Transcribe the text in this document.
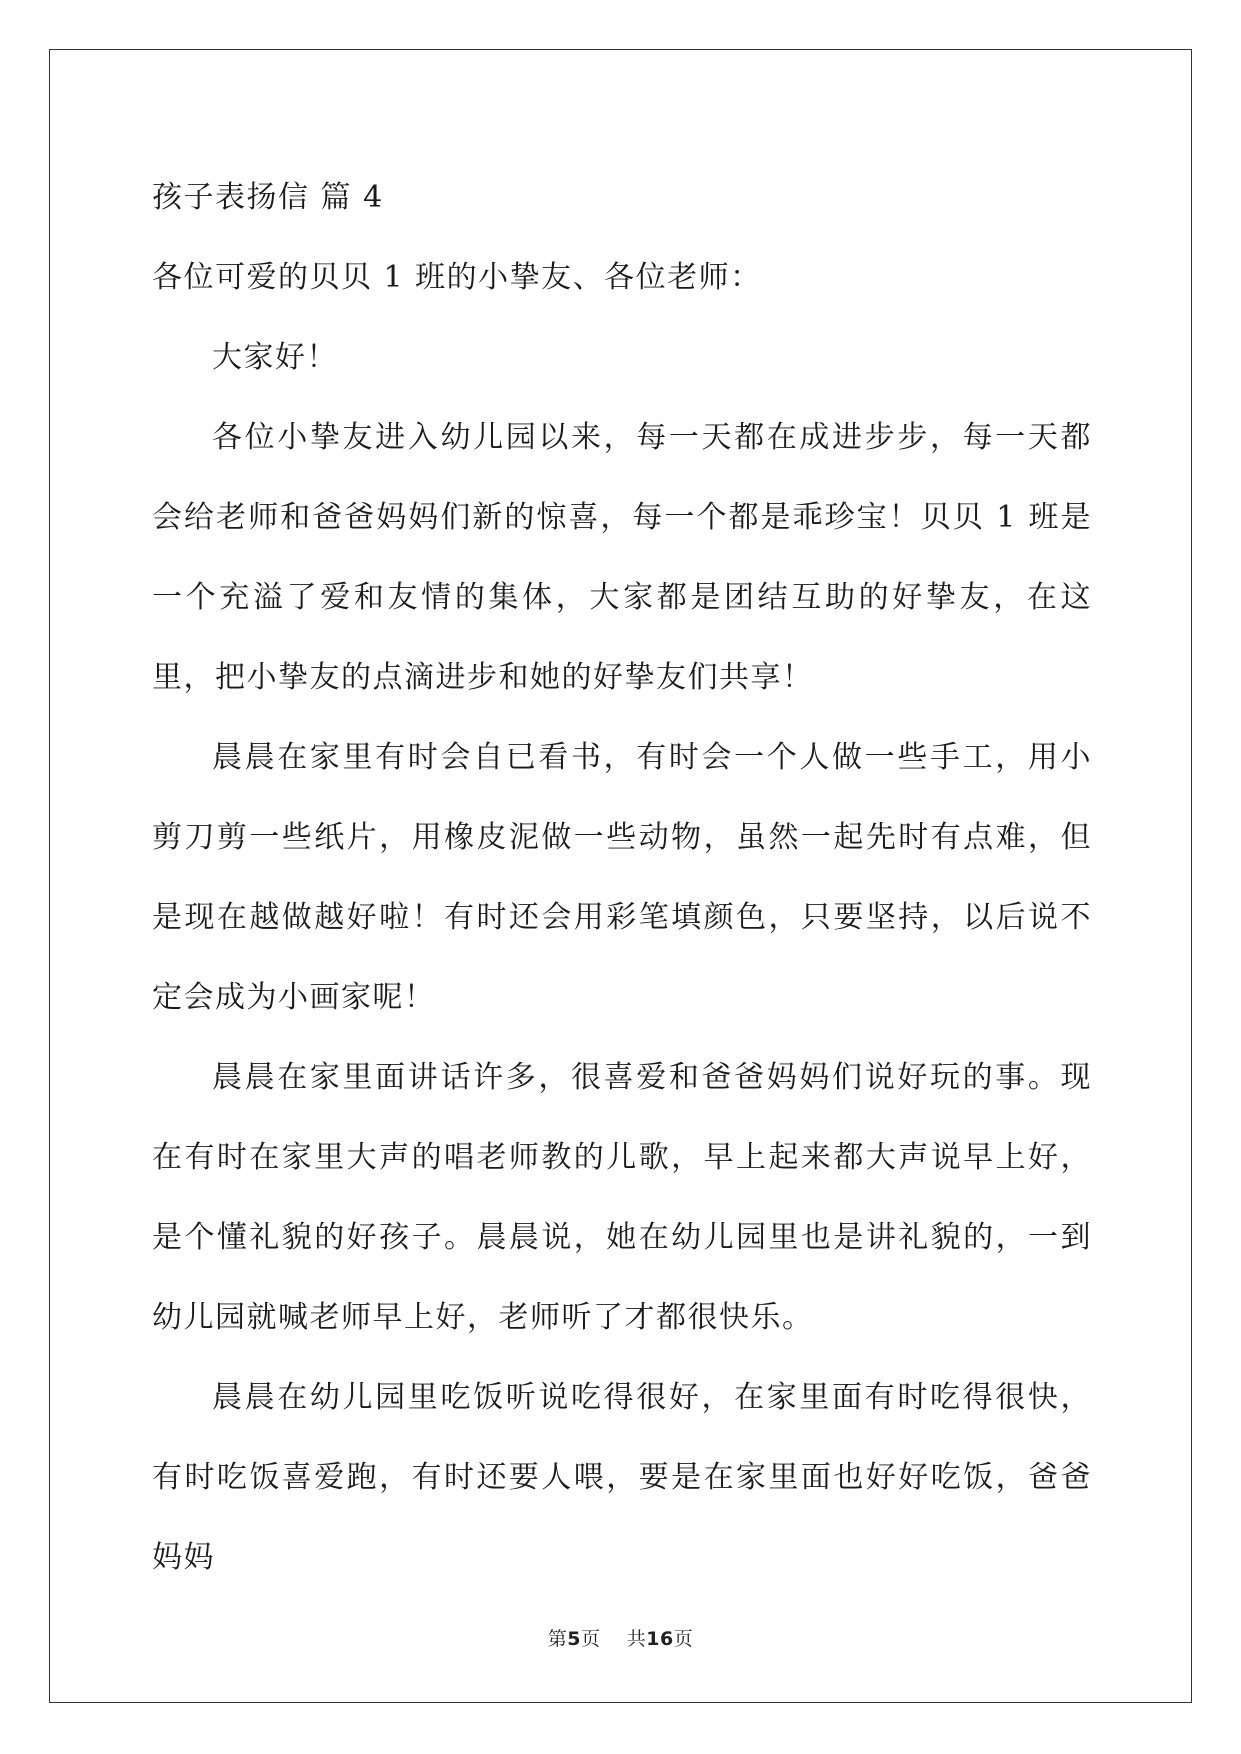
孩子表扬信 篇 4
各位可爱的贝贝 1 班的小挚友、各位老师：

大家好！

各位小挚友进入幼儿园以来，每一天都在成进步步，每一天都会给老师和爸爸妈妈们新的惊喜，每一个都是乖珍宝！贝贝 1 班是一个充溢了爱和友情的集体，大家都是团结互助的好挚友，在这里，把小挚友的点滴进步和她的好挚友们共享！

晨晨在家里有时会自已看书，有时会一个人做一些手工，用小剪刀剪一些纸片，用橡皮泥做一些动物，虽然一起先时有点难，但是现在越做越好啦！有时还会用彩笔填颜色，只要坚持，以后说不定会成为小画家呢！

晨晨在家里面讲话许多，很喜爱和爸爸妈妈们说好玩的事。现在有时在家里大声的唱老师教的儿歌，早上起来都大声说早上好，是个懂礼貌的好孩子。晨晨说，她在幼儿园里也是讲礼貌的，一到幼儿园就喊老师早上好，老师听了才都很快乐。

晨晨在幼儿园里吃饭听说吃得很好，在家里面有时吃得很快，有时吃饭喜爱跑，有时还要人喂，要是在家里面也好好吃饭，爸爸妈妈

第5页 共16页
